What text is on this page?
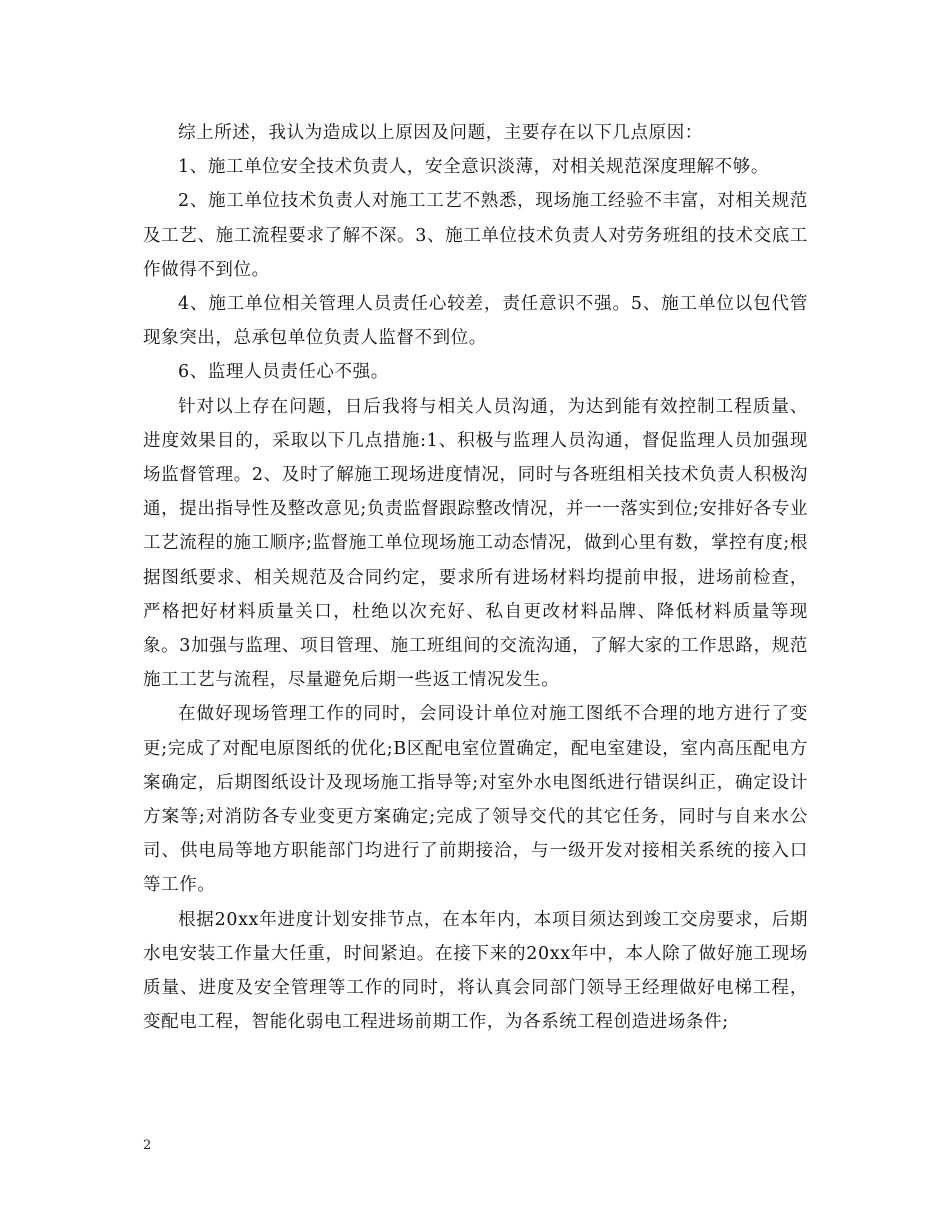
综上所述，我认为造成以上原因及问题，主要存在以下几点原因：

1、施工单位安全技术负责人，安全意识淡薄，对相关规范深度理解不够。

2、施工单位技术负责人对施工工艺不熟悉，现场施工经验不丰富，对相关规范及工艺、施工流程要求了解不深。3、施工单位技术负责人对劳务班组的技术交底工作做得不到位。

4、施工单位相关管理人员责任心较差，责任意识不强。5、施工单位以包代管现象突出，总承包单位负责人监督不到位。

6、监理人员责任心不强。

针对以上存在问题，日后我将与相关人员沟通，为达到能有效控制工程质量、进度效果目的，采取以下几点措施:1、积极与监理人员沟通，督促监理人员加强现场监督管理。2、及时了解施工现场进度情况，同时与各班组相关技术负责人积极沟通，提出指导性及整改意见;负责监督跟踪整改情况，并一一落实到位;安排好各专业工艺流程的施工顺序;监督施工单位现场施工动态情况，做到心里有数，掌控有度;根据图纸要求、相关规范及合同约定，要求所有进场材料均提前申报，进场前检查，严格把好材料质量关口，杜绝以次充好、私自更改材料品牌、降低材料质量等现象。3加强与监理、项目管理、施工班组间的交流沟通，了解大家的工作思路，规范施工工艺与流程，尽量避免后期一些返工情况发生。

在做好现场管理工作的同时，会同设计单位对施工图纸不合理的地方进行了变更;完成了对配电原图纸的优化;B区配电室位置确定，配电室建设，室内高压配电方案确定，后期图纸设计及现场施工指导等;对室外水电图纸进行错误纠正，确定设计方案等;对消防各专业变更方案确定;完成了领导交代的其它任务，同时与自来水公司、供电局等地方职能部门均进行了前期接洽，与一级开发对接相关系统的接入口等工作。

根据20xx年进度计划安排节点，在本年内，本项目须达到竣工交房要求，后期水电安装工作量大任重，时间紧迫。在接下来的20xx年中，本人除了做好施工现场质量、进度及安全管理等工作的同时，将认真会同部门领导王经理做好电梯工程，变配电工程，智能化弱电工程进场前期工作，为各系统工程创造进场条件;

2
